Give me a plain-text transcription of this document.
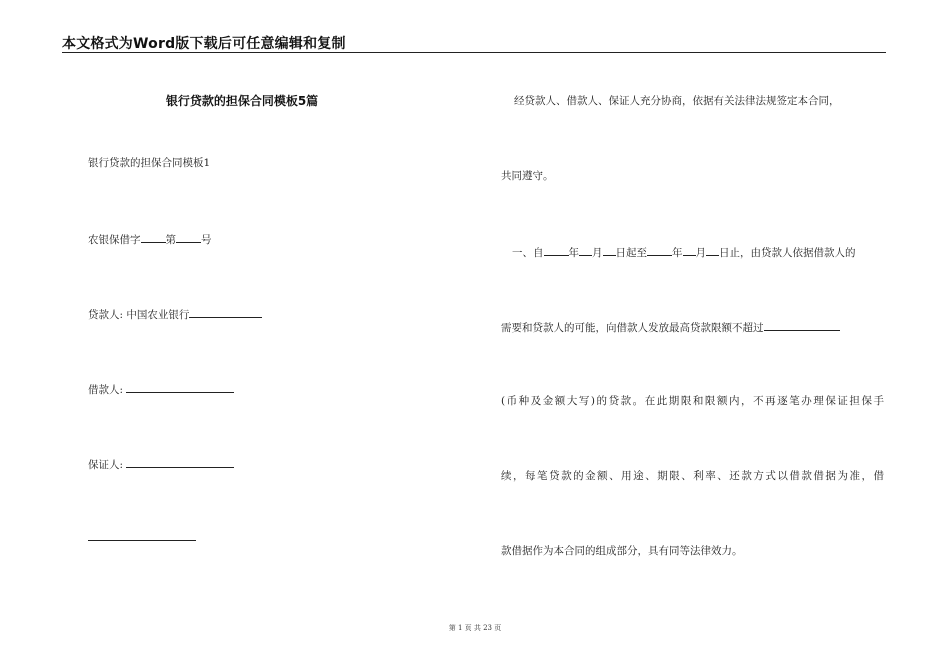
本文格式为Word版下载后可任意编辑和复制
银行贷款的担保合同模板5篇
银行贷款的担保合同模板1
农银保借字 第 号
贷款人: 中国农业银行
借款人:
保证人:
经贷款人、借款人、保证人充分协商，依据有关法律法规签定本合同，
共同遵守。
一、自 年 月 日起至 年 月 日止，由贷款人依据借款人的
需要和贷款人的可能，向借款人发放最高贷款限额不超过
(币种及金额大写)的贷款。在此期限和限额内，不再逐笔办理保证担保手
续，每笔贷款的金额、用途、期限、利率、还款方式以借款借据为准，借
款借据作为本合同的组成部分，具有同等法律效力。
第 1 页 共 23 页
